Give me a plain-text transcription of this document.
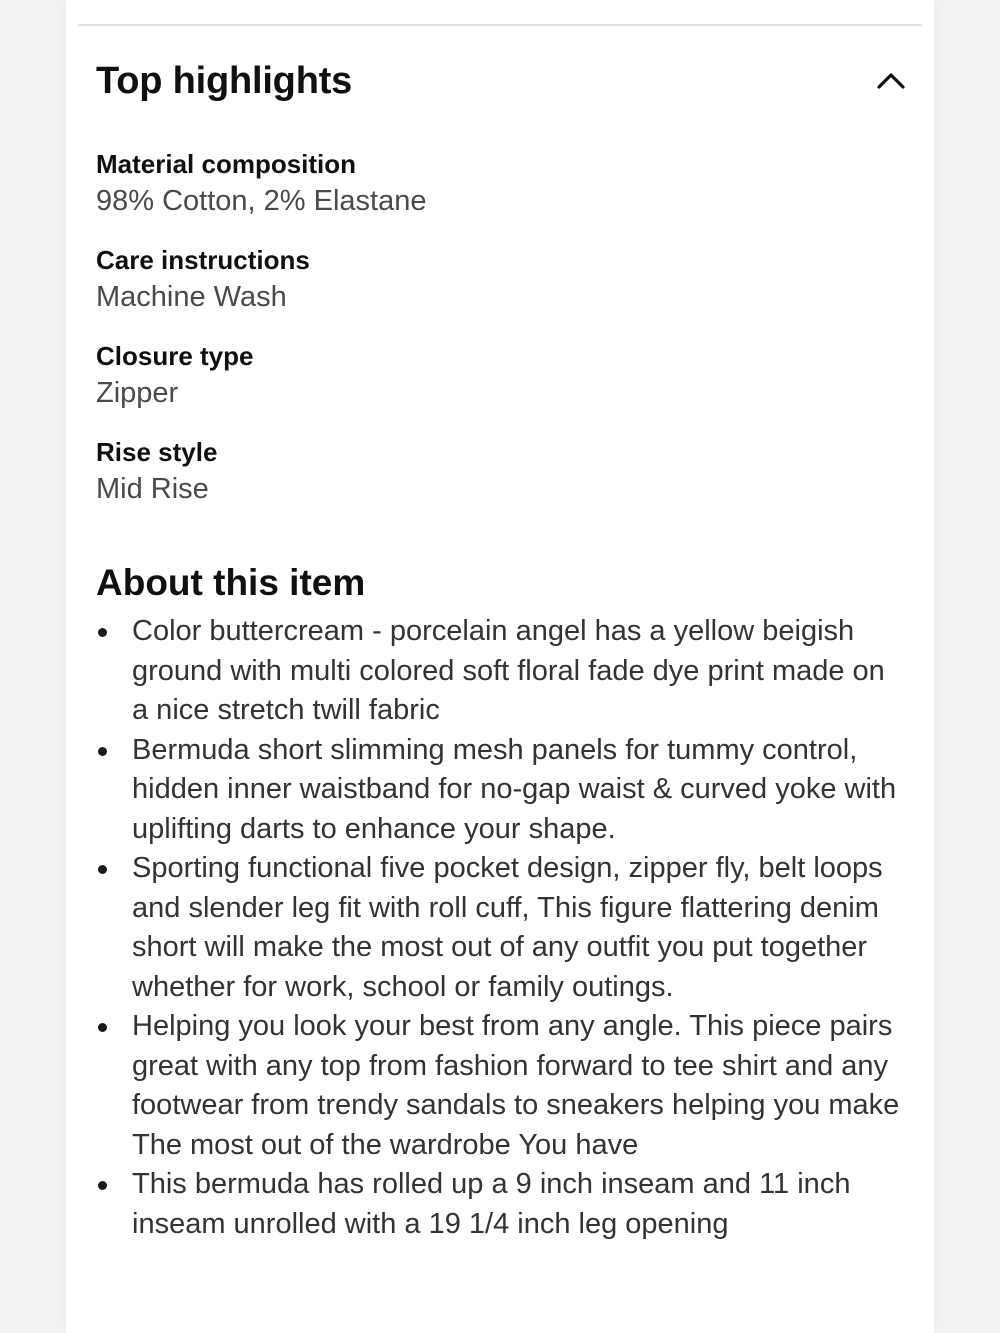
Top highlights
Material composition
98% Cotton, 2% Elastane
Care instructions
Machine Wash
Closure type
Zipper
Rise style
Mid Rise
About this item
Color buttercream - porcelain angel has a yellow beigish ground with multi colored soft floral fade dye print made on a nice stretch twill fabric
Bermuda short slimming mesh panels for tummy control, hidden inner waistband for no-gap waist & curved yoke with uplifting darts to enhance your shape.
Sporting functional five pocket design, zipper fly, belt loops and slender leg fit with roll cuff, This figure flattering denim short will make the most out of any outfit you put together whether for work, school or family outings.
Helping you look your best from any angle. This piece pairs great with any top from fashion forward to tee shirt and any footwear from trendy sandals to sneakers helping you make The most out of the wardrobe You have
This bermuda has rolled up a 9 inch inseam and 11 inch inseam unrolled with a 19 1/4 inch leg opening
